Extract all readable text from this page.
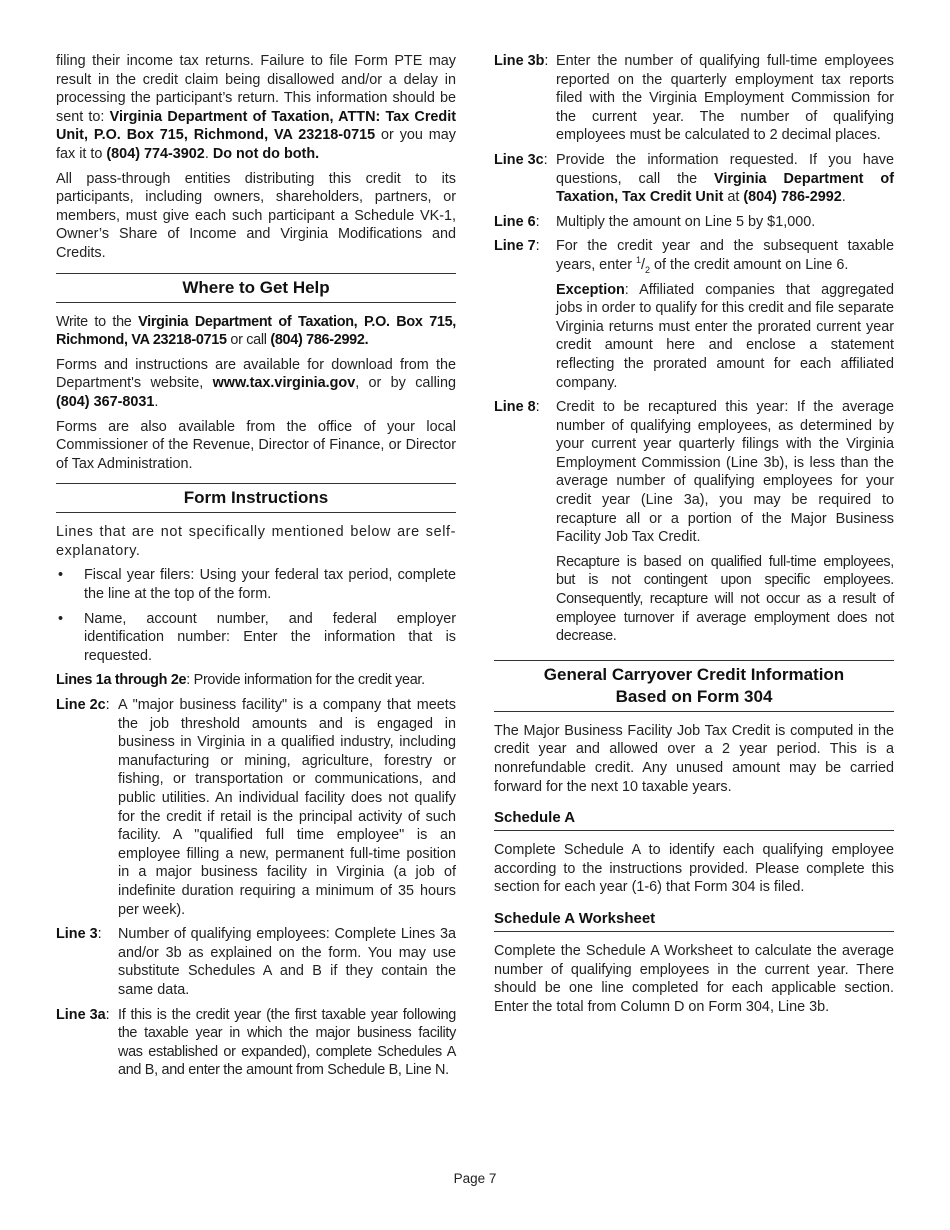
filing their income tax returns. Failure to file Form PTE may result in the credit claim being disallowed and/or a delay in processing the participant’s return. This information should be sent to: Virginia Department of Taxation, ATTN: Tax Credit Unit, P.O. Box 715, Richmond, VA 23218-0715 or you may fax it to (804) 774-3902. Do not do both.

All pass-through entities distributing this credit to its participants, including owners, shareholders, partners, or members, must give each such participant a Schedule VK-1, Owner’s Share of Income and Virginia Modifications and Credits.

Where to Get Help

Write to the Virginia Department of Taxation, P.O. Box 715, Richmond, VA 23218-0715 or call (804) 786-2992.

Forms and instructions are available for download from the Department's website, www.tax.virginia.gov, or by calling (804) 367-8031.

Forms are also available from the office of your local Commissioner of the Revenue, Director of Finance, or Director of Tax Administration.

Form Instructions

Lines that are not specifically mentioned below are self-explanatory.

• Fiscal year filers: Using your federal tax period, complete the line at the top of the form.
• Name, account number, and federal employer identification number: Enter the information that is requested.

Lines 1a through 2e: Provide information for the credit year.

Line 2c: A "major business facility" is a company that meets the job threshold amounts and is engaged in business in Virginia in a qualified industry, including manufacturing or mining, agriculture, forestry or fishing, or transportation or communications, and public utilities. An individual facility does not qualify for the credit if retail is the principal activity of such facility. A "qualified full time employee" is an employee filling a new, permanent full-time position in a major business facility in Virginia (a job of indefinite duration requiring a minimum of 35 hours per week).
Line 3:	Number of qualifying employees: Complete Lines 3a and/or 3b as explained on the form. You may use substitute Schedules A and B if they contain the same data.
Line 3a: If this is the credit year (the first taxable year following the taxable year in which the major business facility was established or expanded), complete Schedules A and B, and enter the amount from Schedule B, Line N.
Line 3b: Enter the number of qualifying full-time employees reported on the quarterly employment tax reports filed with the Virginia Employment Commission for the current year. The number of qualifying employees must be calculated to 2 decimal places.
Line 3c: Provide the information requested. If you have questions, call the Virginia Department of Taxation, Tax Credit Unit at (804) 786-2992.
Line 6:	Multiply the amount on Line 5 by $1,000.
Line 7:	For the credit year and the subsequent taxable years, enter $^1/_2$ of the credit amount on Line 6.

Exception: Affiliated companies that aggregated jobs in order to qualify for this credit and file separate Virginia returns must enter the prorated current year credit amount here and enclose a statement reflecting the prorated amount for each affiliated company.

Line 8:	Credit to be recaptured this year: If the average number of qualifying employees, as determined by your current year quarterly filings with the Virginia Employment Commission (Line 3b), is less than the average number of qualifying employees for your credit year (Line 3a), you may be required to recapture all or a portion of the Major Business Facility Job Tax Credit.

Recapture is based on qualified full-time employees, but is not contingent upon specific employees. Consequently, recapture will not occur as a result of employee turnover if average employment does not decrease.

General Carryover Credit Information
Based on Form 304

The Major Business Facility Job Tax Credit is computed in the credit year and allowed over a 2 year period. This is a nonrefundable credit. Any unused amount may be carried forward for the next 10 taxable years.

Schedule A

Complete Schedule A to identify each qualifying employee according to the instructions provided. Please complete this section for each year (1-6) that Form 304 is filed.

Schedule A Worksheet

Complete the Schedule A Worksheet to calculate the average number of qualifying employees in the current year. There should be one line completed for each applicable section. Enter the total from Column D on Form 304, Line 3b.

Page 7
